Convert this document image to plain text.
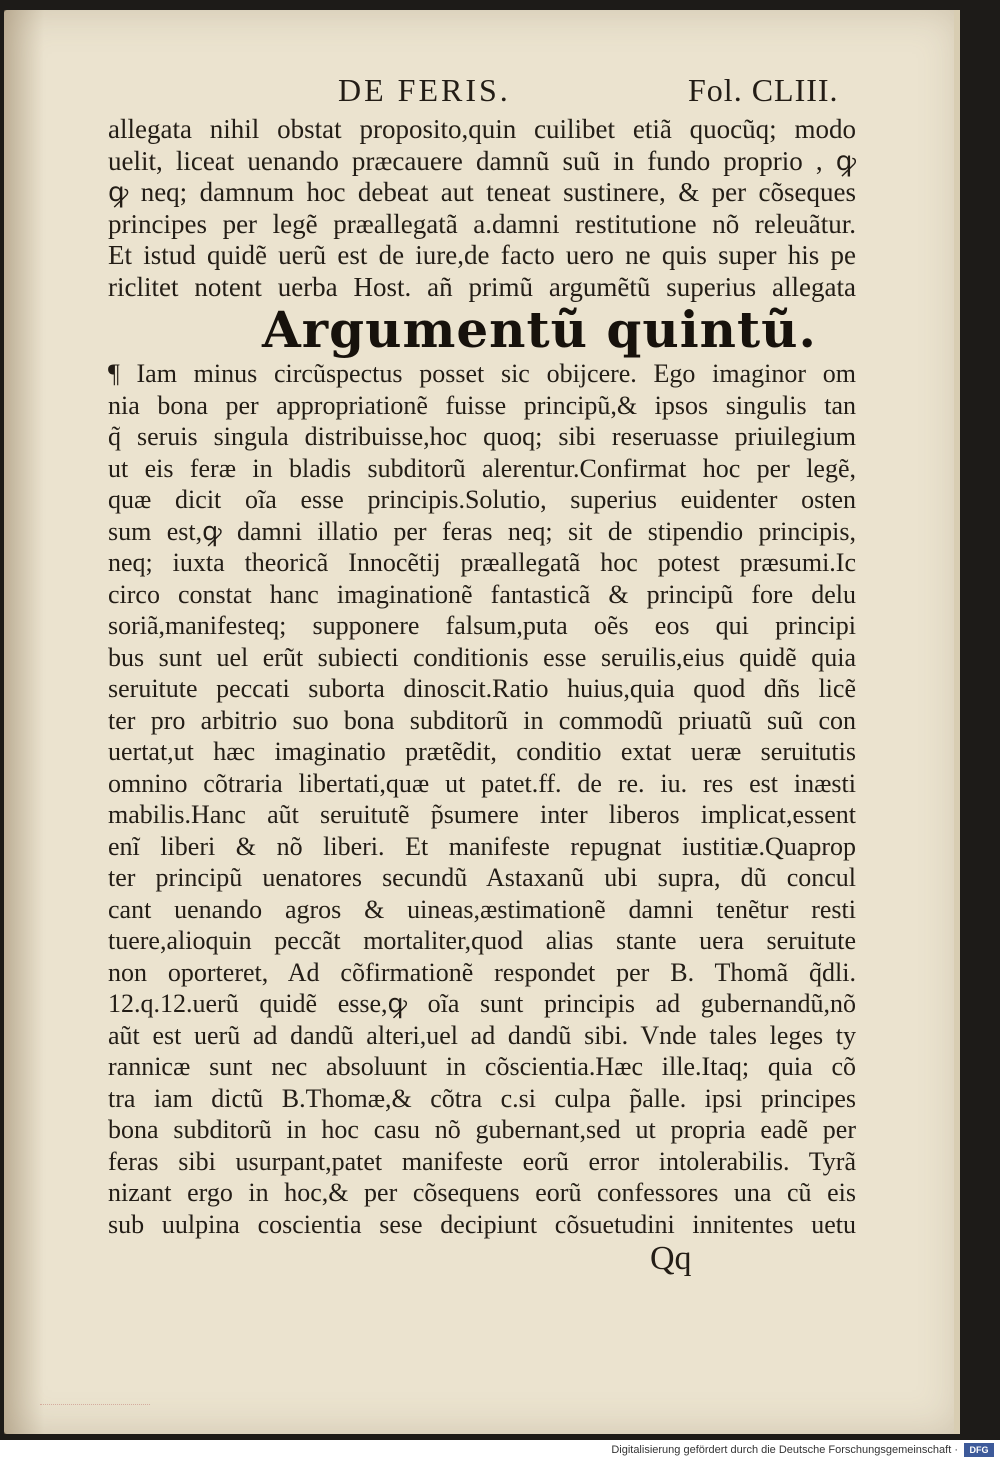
DE FERIS.	Fol. CLIII.
allegata nihil obstat proposito,quin cuilibet etiã quocũq; modo
uelit, liceat uenando præcauere damnũ suũ in fundo proprio , ꝙ
ꝙ neq; damnum hoc debeat aut teneat sustinere, & per cõseques
principes per legẽ præallegatã a.damni restitutione nõ releuãtur.
Et istud quidẽ uerũ est de iure,de facto uero ne quis super his pe
riclitet notent uerba Host. añ primũ argumẽtũ superius allegata
Argumentũ quintũ.
¶ Iam minus circũspectus posset sic obijcere. Ego imaginor om
nia bona per appropriationẽ fuisse principũ,& ipsos singulis tan
q̃ seruis singula distribuisse,hoc quoq; sibi reseruasse priuilegium
ut eis feræ in bladis subditorũ alerentur.Confirmat hoc per legẽ,
quæ dicit oĩa esse principis.Solutio, superius euidenter osten
sum est,ꝙ damni illatio per feras neq; sit de stipendio principis,
neq; iuxta theoricã Innocẽtij præallegatã hoc potest præsumi.Ic
circo constat hanc imaginationẽ fantasticã & principũ fore delu
soriã,manifesteq; supponere falsum,puta oẽs eos qui principi
bus sunt uel erũt subiecti conditionis esse seruilis,eius quidẽ quia
seruitute peccati suborta dinoscit.Ratio huius,quia quod dñs licẽ
ter pro arbitrio suo bona subditorũ in commodũ priuatũ suũ con
uertat,ut hæc imaginatio prætẽdit, conditio extat ueræ seruitutis
omnino cõtraria libertati,quæ ut patet.ff. de re. iu. res est inæsti
mabilis.Hanc aũt seruitutẽ p̃sumere inter liberos implicat,essent
enĩ liberi & nõ liberi. Et manifeste repugnat iustitiæ.Quaprop
ter principũ uenatores secundũ Astaxanũ ubi supra, dũ concul
cant uenando agros & uineas,æstimationẽ damni tenẽtur resti
tuere,alioquin peccãt mortaliter,quod alias stante uera seruitute
non oporteret, Ad cõfirmationẽ respondet per B. Thomã q̃dli.
12.q.12.uerũ quidẽ esse,ꝙ oĩa sunt principis ad gubernandũ,nõ
aũt est uerũ ad dandũ alteri,uel ad dandũ sibi. Vnde tales leges ty
rannicæ sunt nec absoluunt in cõscientia.Hæc ille.Itaq; quia cõ
tra iam dictũ B.Thomæ,& cõtra c.si culpa p̃alle. ipsi principes
bona subditorũ in hoc casu nõ gubernant,sed ut propria eadẽ per
feras sibi usurpant,patet manifeste eorũ error intolerabilis. Tyrã
nizant ergo in hoc,& per cõsequens eorũ confessores una cũ eis
sub uulpina coscientia sese decipiunt cõsuetudini innitentes uetu
Qq
Digitalisierung gefördert durch die Deutsche Forschungsgemeinschaft ·	DFG
